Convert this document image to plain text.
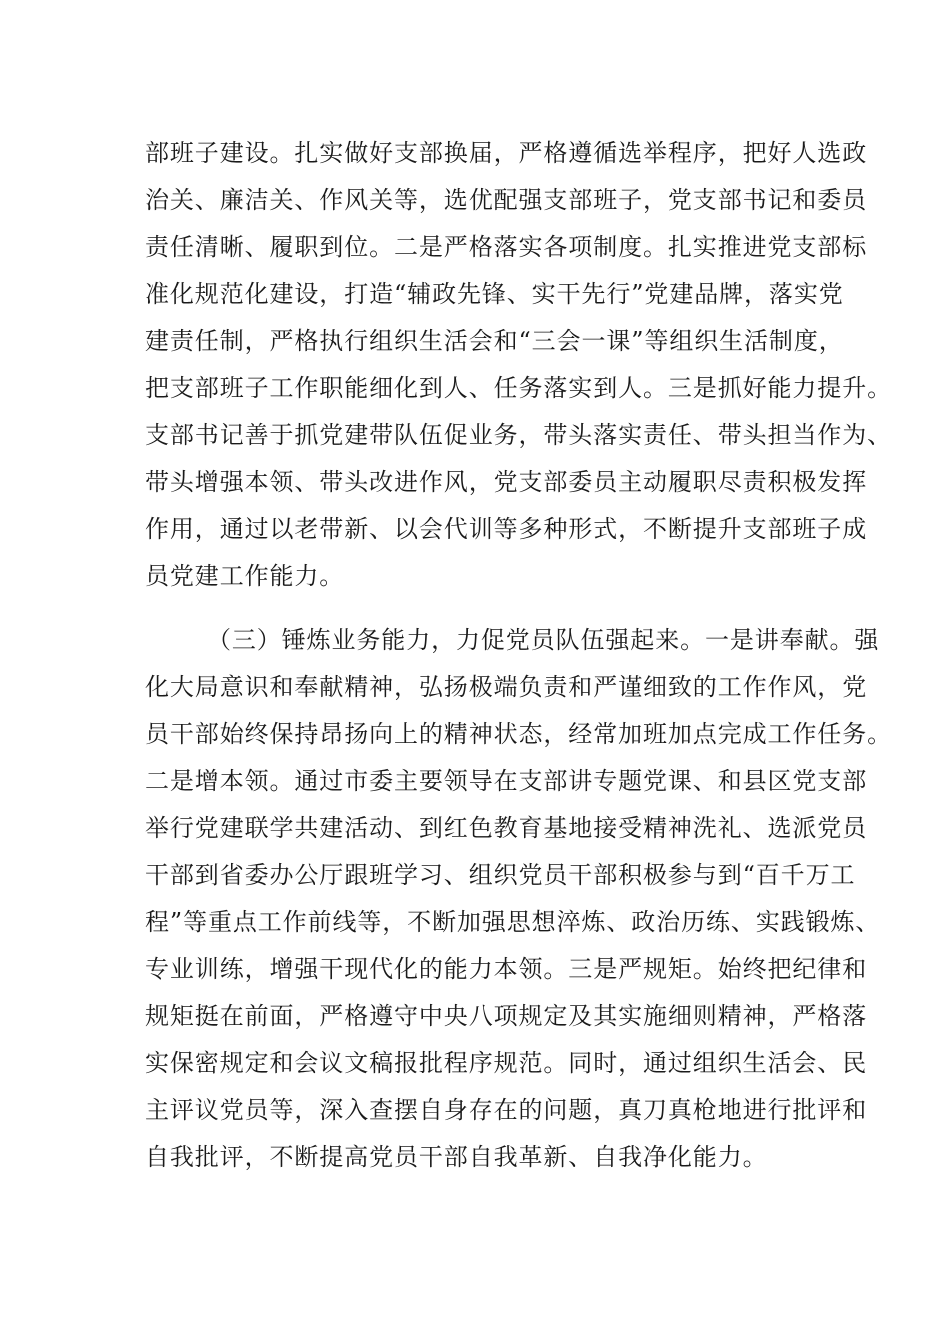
部班子建设。扎实做好支部换届，严格遵循选举程序，把好人选政
治关、廉洁关、作风关等，选优配强支部班子，党支部书记和委员
责任清晰、履职到位。二是严格落实各项制度。扎实推进党支部标
准化规范化建设，打造“辅政先锋、实干先行”党建品牌，落实党
建责任制，严格执行组织生活会和“三会一课”等组织生活制度，
把支部班子工作职能细化到人、任务落实到人。三是抓好能力提升。
支部书记善于抓党建带队伍促业务，带头落实责任、带头担当作为、
带头增强本领、带头改进作风，党支部委员主动履职尽责积极发挥
作用，通过以老带新、以会代训等多种形式，不断提升支部班子成
员党建工作能力。
（三）锤炼业务能力，力促党员队伍强起来。一是讲奉献。强
化大局意识和奉献精神，弘扬极端负责和严谨细致的工作作风，党
员干部始终保持昂扬向上的精神状态，经常加班加点完成工作任务。
二是增本领。通过市委主要领导在支部讲专题党课、和县区党支部
举行党建联学共建活动、到红色教育基地接受精神洗礼、选派党员
干部到省委办公厅跟班学习、组织党员干部积极参与到“百千万工
程”等重点工作前线等，不断加强思想淬炼、政治历练、实践锻炼、
专业训练，增强干现代化的能力本领。三是严规矩。始终把纪律和
规矩挺在前面，严格遵守中央八项规定及其实施细则精神，严格落
实保密规定和会议文稿报批程序规范。同时，通过组织生活会、民
主评议党员等，深入查摆自身存在的问题，真刀真枪地进行批评和
自我批评，不断提高党员干部自我革新、自我净化能力。
